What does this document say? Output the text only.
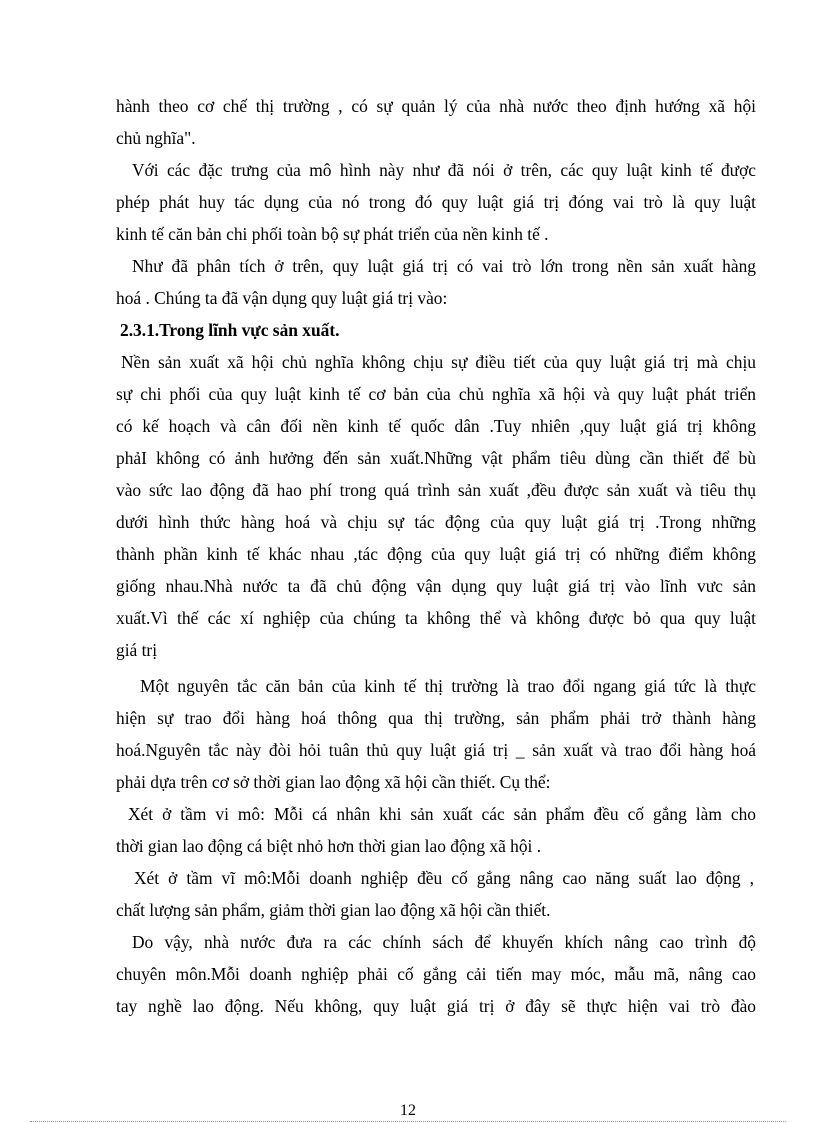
hành theo cơ chế thị trường , có sự quản lý của nhà nước theo định hướng xã hội
chủ nghĩa".
Với các đặc trưng của mô hình này như đã nói ở trên, các quy luật kinh tế được
phép phát huy tác dụng của nó trong đó quy luật giá trị đóng vai trò là quy luật
kinh tế căn bản chi phối toàn bộ sự phát triển của nền kinh tế .
Như đã phân tích ở trên, quy luật giá trị có vai trò lớn trong nền sản xuất hàng
hoá . Chúng ta đã vận dụng quy luật giá trị vào:
2.3.1.Trong lĩnh vực sản xuất.
Nền sản xuất xã hội chủ nghĩa không chịu sự điều tiết của quy luật giá trị mà chịu
sự chi phối của quy luật kinh tế cơ bản của chủ nghĩa xã hội và quy luật phát triển
có kế hoạch và cân đối nền kinh tế quốc dân .Tuy nhiên ,quy luật giá trị không
phảI không có ảnh hưởng đến sản xuất.Những vật phẩm tiêu dùng cần thiết để bù
vào sức lao động đã hao phí trong quá trình sản xuất ,đều được sản xuất và tiêu thụ
dưới hình thức hàng hoá và chịu sự tác động của quy luật giá trị .Trong những
thành phần kinh tế khác nhau ,tác động của quy luật giá trị có những điểm không
giống nhau.Nhà nước ta đã chủ động vận dụng quy luật giá trị vào lĩnh vưc sản
xuất.Vì thế các xí nghiệp của chúng ta không thể và không được bỏ qua quy luật
giá trị
Một nguyên tắc căn bản của kinh tế thị trường là trao đổi ngang giá tức là thực
hiện sự trao đổi hàng hoá thông qua thị trường, sản phẩm phải trở thành hàng
hoá.Nguyên tắc này đòi hỏi tuân thủ quy luật giá trị _ sản xuất và trao đổi hàng hoá
phải dựa trên cơ sở thời gian lao động xã hội cần thiết. Cụ thể:
Xét ở tầm vi mô: Mỗi cá nhân khi sản xuất các sản phẩm đều cố gắng làm cho
thời gian lao động cá biệt nhỏ hơn thời gian lao động xã hội .
Xét ở tầm vĩ mô:Mỗi doanh nghiệp đều cố gắng nâng cao năng suất lao động ,
chất lượng sản phẩm, giảm thời gian lao động xã hội cần thiết.
Do vậy, nhà nước đưa ra các chính sách để khuyến khích nâng cao trình độ
chuyên môn.Mỗi doanh nghiệp phải cố gắng cải tiến may móc, mẫu mã, nâng cao
tay nghề lao động. Nếu không, quy luật giá trị ở đây sẽ thực hiện vai trò đào
12
